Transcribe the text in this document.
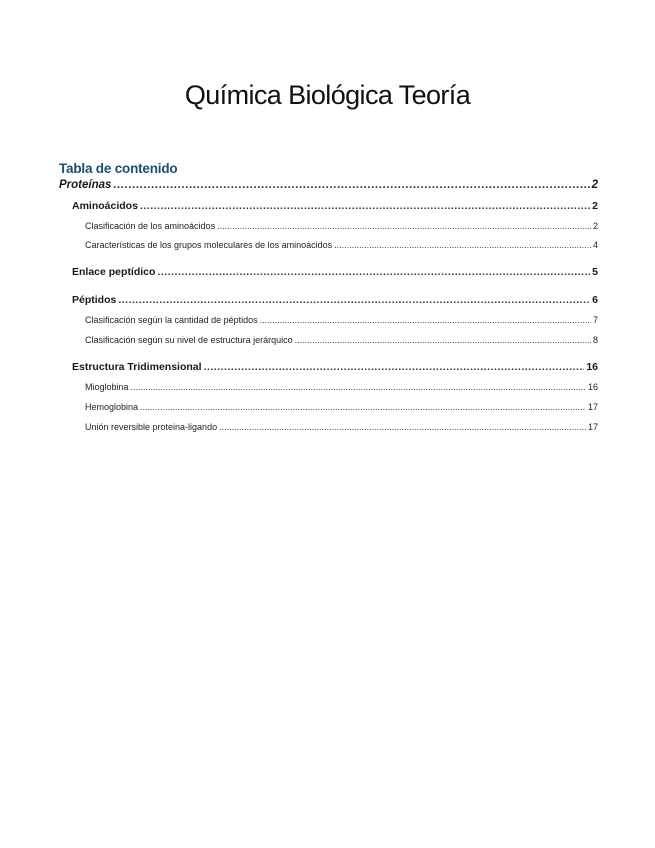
Química Biológica Teoría
Tabla de contenido
Proteínas .....	2
Aminoácidos .....	2
Clasificación de los aminoácidos .....	2
Características de los grupos moleculares de los aminoácidos .....	4
Enlace peptídico .....	5
Péptidos .....	6
Clasificación según la cantidad de péptidos .....	7
Clasificación según su nivel de estructura jerárquico .....	8
Estructura Tridimensional .....	16
Mioglobina .....	16
Hemoglobina .....	17
Unión reversible proteina-ligando .....	17
